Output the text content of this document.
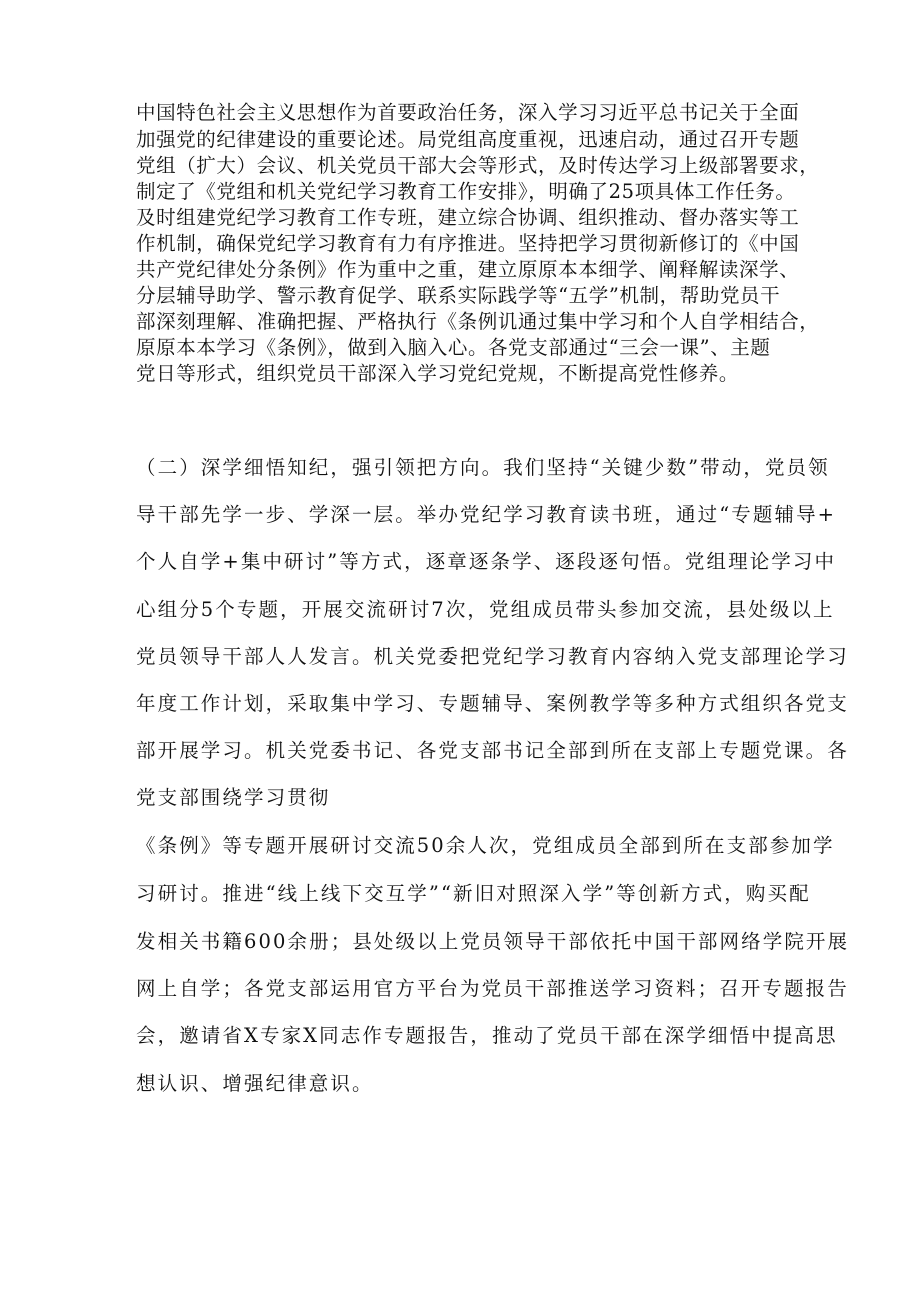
中国特色社会主义思想作为首要政治任务，深入学习习近平总书记关于全面

加强党的纪律建设的重要论述。局党组高度重视，迅速启动，通过召开专题

党组（扩大）会议、机关党员干部大会等形式，及时传达学习上级部署要求，

制定了《党组和机关党纪学习教育工作安排》，明确了25项具体工作任务。

及时组建党纪学习教育工作专班，建立综合协调、组织推动、督办落实等工

作机制，确保党纪学习教育有力有序推进。坚持把学习贯彻新修订的《中国

共产党纪律处分条例》作为重中之重，建立原原本本细学、阐释解读深学、

分层辅导助学、警示教育促学、联系实际践学等“五学”机制，帮助党员干

部深刻理解、准确把握、严格执行《条例讥通过集中学习和个人自学相结合，

原原本本学习《条例》，做到入脑入心。各党支部通过“三会一课”、主题

党日等形式，组织党员干部深入学习党纪党规，不断提高党性修养。

（二）深学细悟知纪，强引领把方向。我们坚持“关键少数”带动，党员领

导干部先学一步、学深一层。举办党纪学习教育读书班，通过“专题辅导+

个人自学+集中研讨”等方式，逐章逐条学、逐段逐句悟。党组理论学习中

心组分5个专题，开展交流研讨7次，党组成员带头参加交流，县处级以上

党员领导干部人人发言。机关党委把党纪学习教育内容纳入党支部理论学习

年度工作计划，采取集中学习、专题辅导、案例教学等多种方式组织各党支

部开展学习。机关党委书记、各党支部书记全部到所在支部上专题党课。各

党支部围绕学习贯彻

《条例》等专题开展研讨交流50余人次，党组成员全部到所在支部参加学

习研讨。推进“线上线下交互学”“新旧对照深入学”等创新方式，购买配

发相关书籍600余册；县处级以上党员领导干部依托中国干部网络学院开展

网上自学；各党支部运用官方平台为党员干部推送学习资料；召开专题报告

会，邀请省X专家X同志作专题报告，推动了党员干部在深学细悟中提高思

想认识、增强纪律意识。
